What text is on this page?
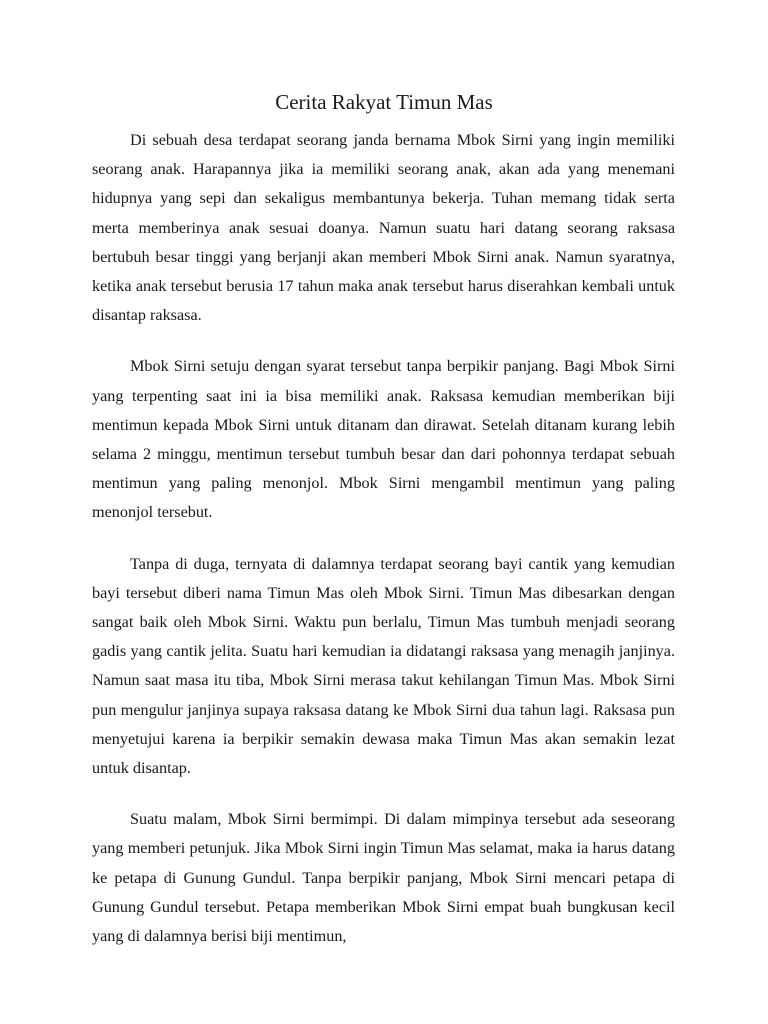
Cerita Rakyat Timun Mas

Di sebuah desa terdapat seorang janda bernama Mbok Sirni yang ingin memiliki seorang anak. Harapannya jika ia memiliki seorang anak, akan ada yang menemani hidupnya yang sepi dan sekaligus membantunya bekerja. Tuhan memang tidak serta merta memberinya anak sesuai doanya. Namun suatu hari datang seorang raksasa bertubuh besar tinggi yang berjanji akan memberi Mbok Sirni anak. Namun syaratnya, ketika anak tersebut berusia 17 tahun maka anak tersebut harus diserahkan kembali untuk disantap raksasa.

Mbok Sirni setuju dengan syarat tersebut tanpa berpikir panjang. Bagi Mbok Sirni yang terpenting saat ini ia bisa memiliki anak. Raksasa kemudian memberikan biji mentimun kepada Mbok Sirni untuk ditanam dan dirawat. Setelah ditanam kurang lebih selama 2 minggu, mentimun tersebut tumbuh besar dan dari pohonnya terdapat sebuah mentimun yang paling menonjol. Mbok Sirni mengambil mentimun yang paling menonjol tersebut.

Tanpa di duga, ternyata di dalamnya terdapat seorang bayi cantik yang kemudian bayi tersebut diberi nama Timun Mas oleh Mbok Sirni. Timun Mas dibesarkan dengan sangat baik oleh Mbok Sirni. Waktu pun berlalu, Timun Mas tumbuh menjadi seorang gadis yang cantik jelita. Suatu hari kemudian ia didatangi raksasa yang menagih janjinya. Namun saat masa itu tiba, Mbok Sirni merasa takut kehilangan Timun Mas. Mbok Sirni pun mengulur janjinya supaya raksasa datang ke Mbok Sirni dua tahun lagi. Raksasa pun menyetujui karena ia berpikir semakin dewasa maka Timun Mas akan semakin lezat untuk disantap.

Suatu malam, Mbok Sirni bermimpi. Di dalam mimpinya tersebut ada seseorang yang memberi petunjuk. Jika Mbok Sirni ingin Timun Mas selamat, maka ia harus datang ke petapa di Gunung Gundul. Tanpa berpikir panjang, Mbok Sirni mencari petapa di Gunung Gundul tersebut. Petapa memberikan Mbok Sirni empat buah bungkusan kecil yang di dalamnya berisi biji mentimun,
